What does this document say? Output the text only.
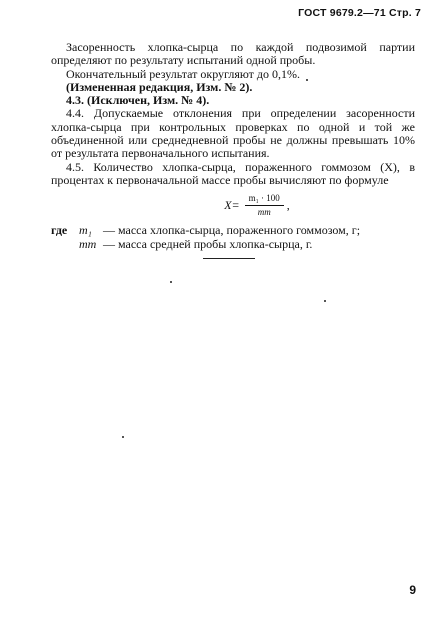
ГОСТ 9679.2—71 Стр. 7

Засоренность хлопка-сырца по каждой подвозимой партии определяют по результату испытаний одной пробы.

Окончательный результат округляют до 0,1%.

(Измененная редакция, Изм. № 2).

4.3. (Исключен, Изм. № 4).

4.4. Допускаемые отклонения при определении засоренности хлопка-сырца при контрольных проверках по одной и той же объединенной или среднедневной пробы не должны превышать 10% от результата первоначального испытания.

4.5. Количество хлопка-сырца, пораженного гоммозом (X), в процентах к первоначальной массе пробы вычисляют по формуле

$X= \frac{\text{m₁ · 100}}{mт}$ ,
где m₁ — масса хлопка-сырца, пораженного гоммозом, г;
mт — масса средней пробы хлопка-сырца, г.
9
